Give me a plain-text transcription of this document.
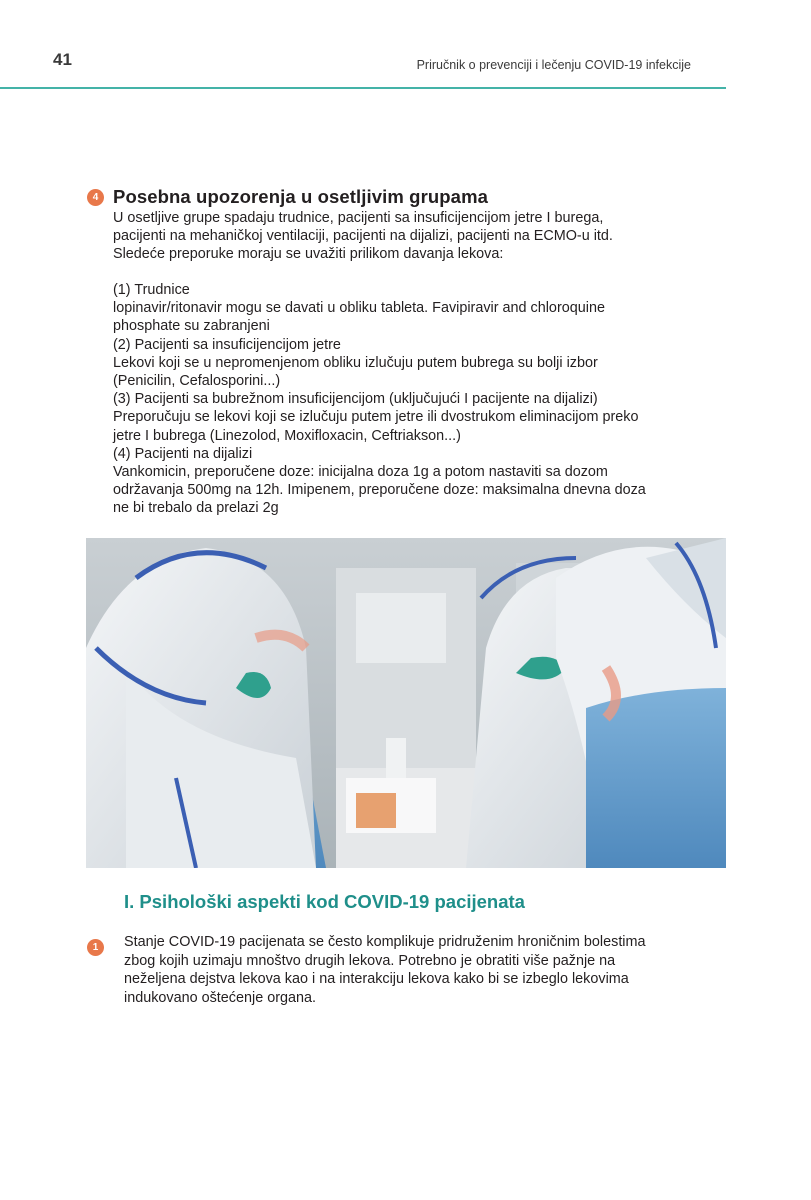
41	Priručnik o prevenciji i lečenju COVID-19 infekcije
4 Posebna upozorenja u osetljivim grupama
U osetljive grupe spadaju trudnice, pacijenti sa insuficijencijom jetre I burega,
pacijenti na mehaničkoj ventilaciji, pacijenti na dijalizi, pacijenti na ECMO-u itd.
Sledeće preporuke moraju se uvažiti prilikom davanja lekova:
(1) Trudnice
lopinavir/ritonavir mogu se davati u obliku tableta. Favipiravir and chloroquine
phosphate su zabranjeni
(2) Pacijenti sa insuficijencijom jetre
Lekovi koji se u nepromenjenom obliku izlučuju putem bubrega su bolji izbor
(Penicilin, Cefalosporini...)
(3) Pacijenti sa bubrežnom insuficijencijom (uključujući I pacijente na dijalizi)
Preporučuju se lekovi koji se izlučuju putem jetre ili dvostrukom eliminacijom preko
jetre I bubrega (Linezolod, Moxifloxacin, Ceftriakson...)
(4) Pacijenti na dijalizi
Vankomicin, preporučene doze: inicijalna doza 1g a potom nastaviti sa dozom
održavanja 500mg na 12h. Imipenem, preporučene doze: maksimalna dnevna doza
ne bi trebalo da prelazi 2g
I. Psihološki aspekti kod COVID-19 pacijenata
1	Stanje COVID-19 pacijenata se često komplikuje pridruženim hroničnim bolestima
zbog kojih uzimaju mnoštvo drugih lekova. Potrebno je obratiti više pažnje na
neželjena dejstva lekova kao i na interakciju lekova kako bi se izbeglo lekovima
indukovano oštećenje organa.
